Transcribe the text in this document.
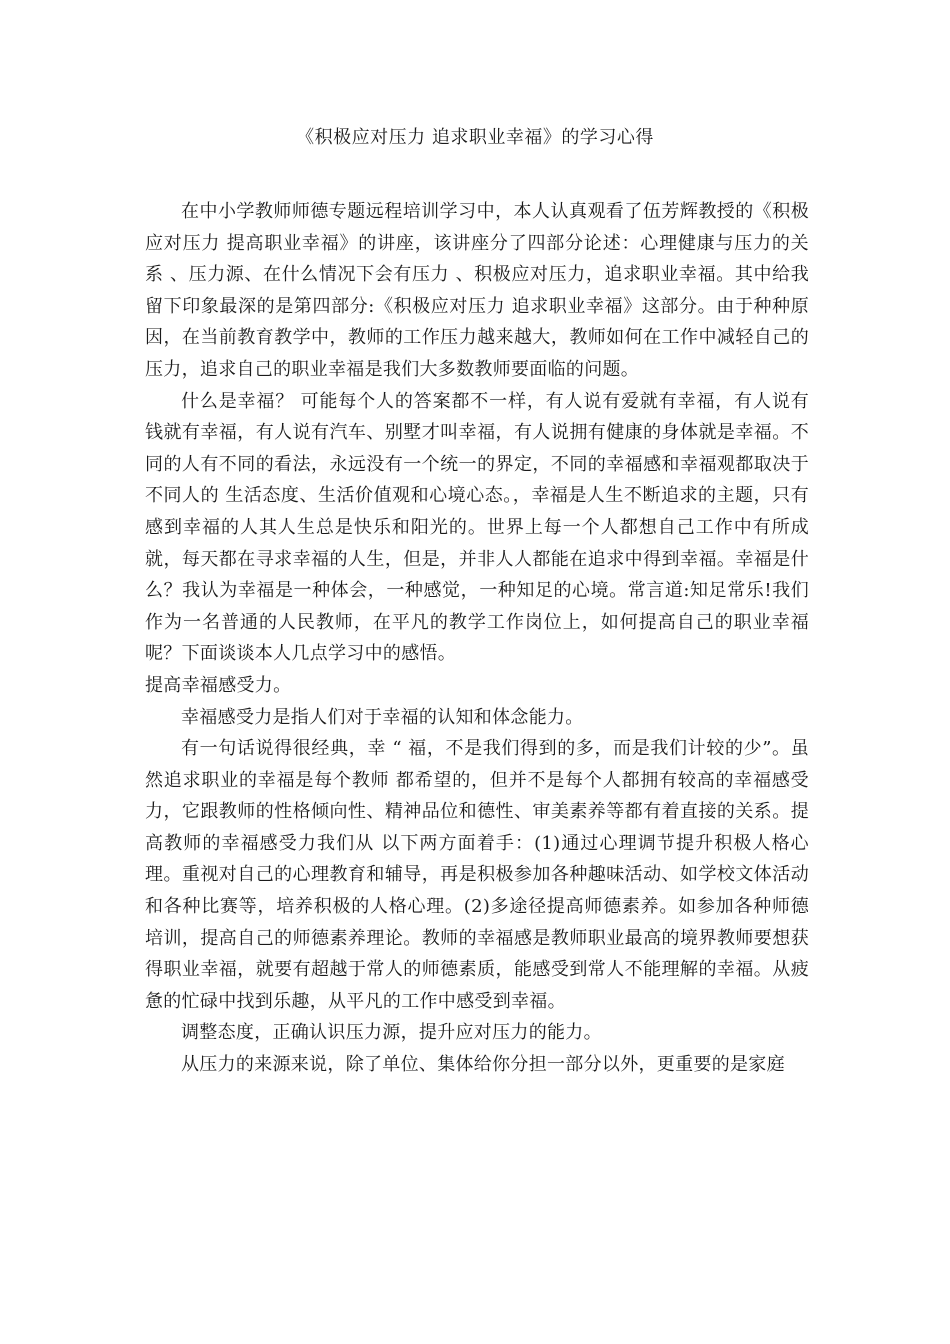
《积极应对压力 追求职业幸福》的学习心得

在中小学教师师德专题远程培训学习中，本人认真观看了伍芳辉教授的《积极应对压力 提高职业幸福》的讲座，该讲座分了四部分论述：心理健康与压力的关系 、压力源、在什么情况下会有压力 、积极应对压力，追求职业幸福。其中给我留下印象最深的是第四部分:《积极应对压力 追求职业幸福》这部分。由于种种原因，在当前教育教学中，教师的工作压力越来越大，教师如何在工作中减轻自己的压力，追求自己的职业幸福是我们大多数教师要面临的问题。

什么是幸福？ 可能每个人的答案都不一样，有人说有爱就有幸福，有人说有钱就有幸福，有人说有汽车、别墅才叫幸福，有人说拥有健康的身体就是幸福。不同的人有不同的看法，永远没有一个统一的界定，不同的幸福感和幸福观都取决于不同人的 生活态度、生活价值观和心境心态。，幸福是人生不断追求的主题，只有感到幸福的人其人生总是快乐和阳光的。世界上每一个人都想自己工作中有所成就，每天都在寻求幸福的人生，但是，并非人人都能在追求中得到幸福。幸福是什么？我认为幸福是一种体会，一种感觉，一种知足的心境。常言道:知足常乐!我们作为一名普通的人民教师，在平凡的教学工作岗位上，如何提高自己的职业幸福呢？下面谈谈本人几点学习中的感悟。

提高幸福感受力。

幸福感受力是指人们对于幸福的认知和体念能力。

有一句话说得很经典，幸 “ 福，不是我们得到的多，而是我们计较的少”。虽然追求职业的幸福是每个教师 都希望的，但并不是每个人都拥有较高的幸福感受力，它跟教师的性格倾向性、精神品位和德性、审美素养等都有着直接的关系。提高教师的幸福感受力我们从 以下两方面着手：(1)通过心理调节提升积极人格心理。重视对自己的心理教育和辅导，再是积极参加各种趣味活动、如学校文体活动和各种比赛等，培养积极的人格心理。(2)多途径提高师德素养。如参加各种师德培训，提高自己的师德素养理论。教师的幸福感是教师职业最高的境界教师要想获得职业幸福，就要有超越于常人的师德素质，能感受到常人不能理解的幸福。从疲惫的忙碌中找到乐趣，从平凡的工作中感受到幸福。

调整态度，正确认识压力源，提升应对压力的能力。

从压力的来源来说，除了单位、集体给你分担一部分以外，更重要的是家庭
